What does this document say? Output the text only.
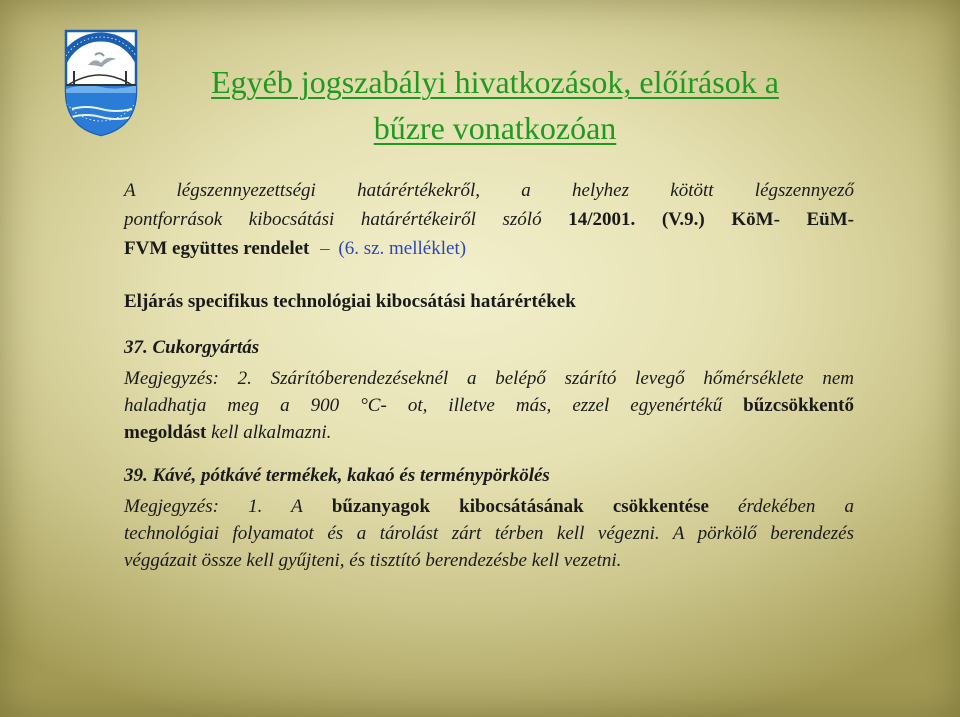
Egyéb jogszabályi hivatkozások, előírások a
bűzre vonatkozóan
A légszennyezettségi határértékekről, a helyhez kötött légszennyező
pontforrások kibocsátási határértékeiről szóló 14/2001. (V.9.) KöM- EüM-
FVM együttes rendelet – (6. sz. melléklet)
Eljárás specifikus technológiai kibocsátási határértékek
37. Cukorgyártás
Megjegyzés: 2. Szárítóberendezéseknél a belépő szárító levegő hőmérséklete nem
haladhatja meg a 900 °C- ot, illetve más, ezzel egyenértékű bűzcsökkentő
megoldást kell alkalmazni.
39. Kávé, pótkávé termékek, kakaó és terménypörkölés
Megjegyzés: 1. A bűzanyagok kibocsátásának csökkentése érdekében a
technológiai folyamatot és a tárolást zárt térben kell végezni. A pörkölő berendezés
véggázait össze kell gyűjteni, és tisztító berendezésbe kell vezetni.
